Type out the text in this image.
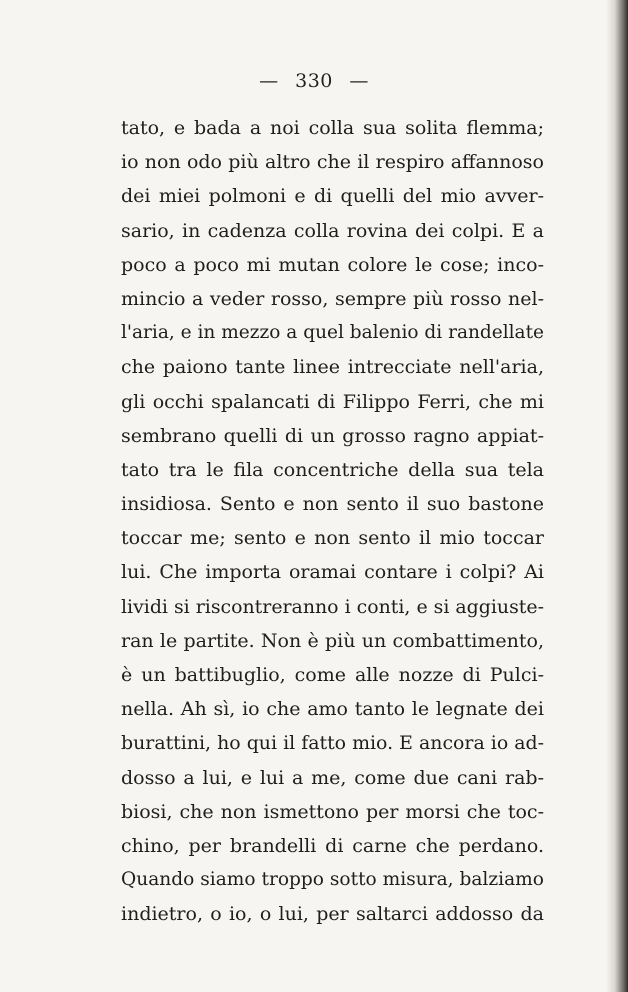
— 330 —
tato, e bada a noi colla sua solita flemma;
io non odo più altro che il respiro affannoso
dei miei polmoni e di quelli del mio avver-
sario, in cadenza colla rovina dei colpi. E a
poco a poco mi mutan colore le cose; inco-
mincio a veder rosso, sempre più rosso nel-
l'aria, e in mezzo a quel balenio di randellate
che paiono tante linee intrecciate nell'aria,
gli occhi spalancati di Filippo Ferri, che mi
sembrano quelli di un grosso ragno appiat-
tato tra le fila concentriche della sua tela
insidiosa. Sento e non sento il suo bastone
toccar me; sento e non sento il mio toccar
lui. Che importa oramai contare i colpi? Ai
lividi si riscontreranno i conti, e si aggiuste-
ran le partite. Non è più un combattimento,
è un battibuglio, come alle nozze di Pulci-
nella. Ah sì, io che amo tanto le legnate dei
burattini, ho qui il fatto mio. E ancora io ad-
dosso a lui, e lui a me, come due cani rab-
biosi, che non ismettono per morsi che toc-
chino, per brandelli di carne che perdano.
Quando siamo troppo sotto misura, balziamo
indietro, o io, o lui, per saltarci addosso da
